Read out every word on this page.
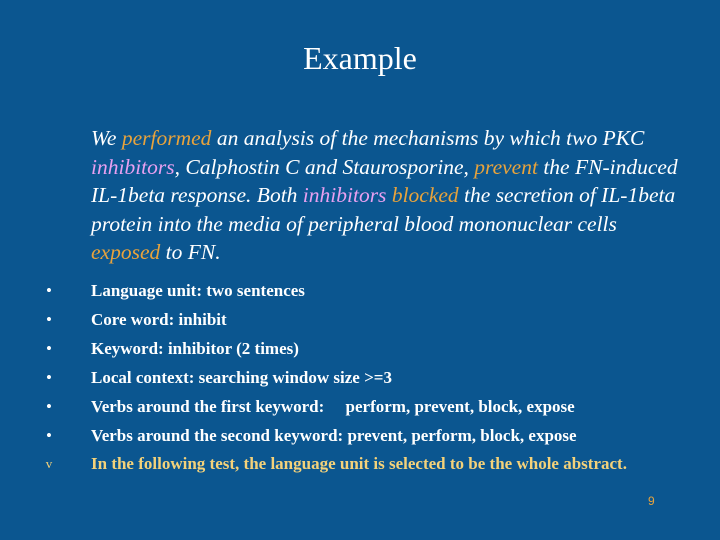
Example
We performed an analysis of the mechanisms by which two PKC inhibitors, Calphostin C and Staurosporine, prevent the FN-induced IL-1beta response. Both inhibitors blocked the secretion of IL-1beta protein into the media of peripheral blood mononuclear cells exposed to FN.
• Language unit: two sentences
• Core word: inhibit
• Keyword: inhibitor (2 times)
• Local context: searching window size >=3
• Verbs around the first keyword:     perform, prevent, block, expose
• Verbs around the second keyword: prevent, perform, block, expose
v In the following test, the language unit is selected to be the whole abstract.
9
